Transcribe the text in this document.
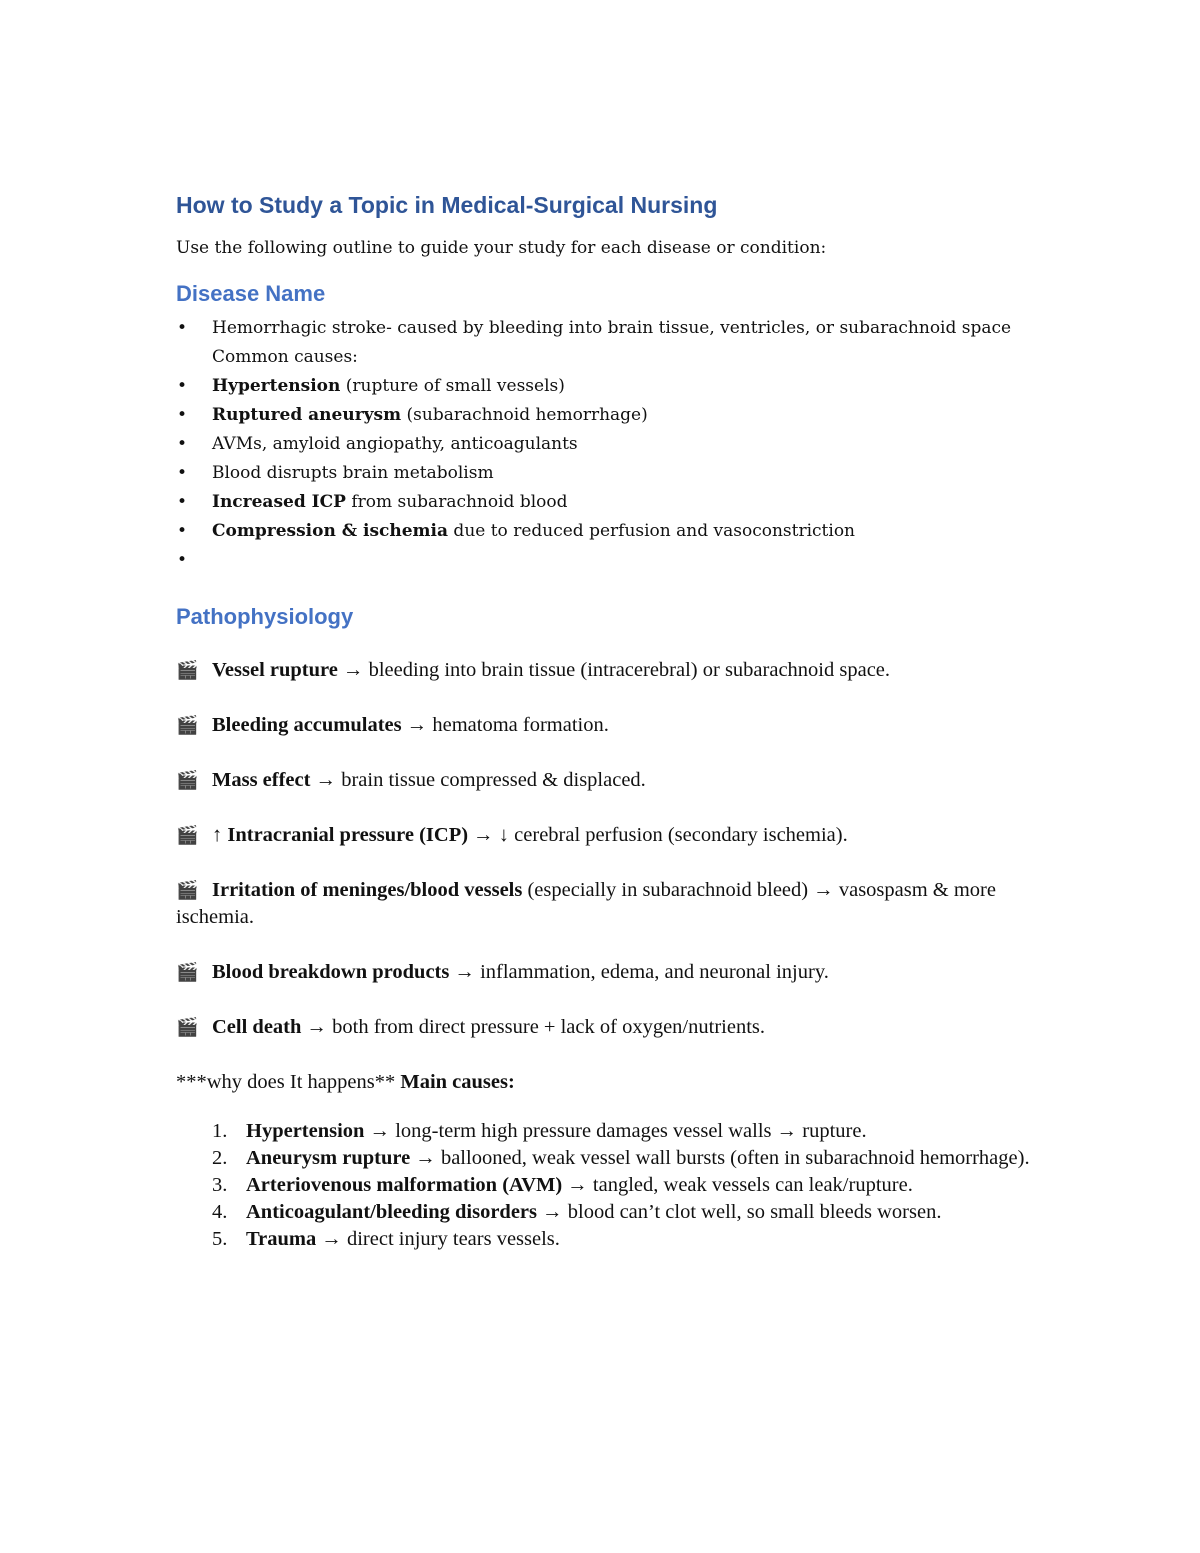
How to Study a Topic in Medical-Surgical Nursing

Use the following outline to guide your study for each disease or condition:

Disease Name
• Hemorrhagic stroke- caused by bleeding into brain tissue, ventricles, or subarachnoid space
Common causes:
• Hypertension (rupture of small vessels)
• Ruptured aneurysm (subarachnoid hemorrhage)
• AVMs, amyloid angiopathy, anticoagulants
• Blood disrupts brain metabolism
• Increased ICP from subarachnoid blood
• Compression & ischemia due to reduced perfusion and vasoconstriction
•
Pathophysiology

🎬 Vessel rupture → bleeding into brain tissue (intracerebral) or subarachnoid space.

🎬 Bleeding accumulates → hematoma formation.

🎬 Mass effect → brain tissue compressed & displaced.

🎬 ↑ Intracranial pressure (ICP) → ↓ cerebral perfusion (secondary ischemia).

🎬 Irritation of meninges/blood vessels (especially in subarachnoid bleed) → vasospasm & more ischemia.

🎬 Blood breakdown products → inflammation, edema, and neuronal injury.

🎬 Cell death → both from direct pressure + lack of oxygen/nutrients.

***why does It happens** Main causes:

1. Hypertension → long-term high pressure damages vessel walls → rupture.
2. Aneurysm rupture → ballooned, weak vessel wall bursts (often in subarachnoid hemorrhage).
3. Arteriovenous malformation (AVM) → tangled, weak vessels can leak/rupture.
4. Anticoagulant/bleeding disorders → blood can’t clot well, so small bleeds worsen.
5. Trauma → direct injury tears vessels.
